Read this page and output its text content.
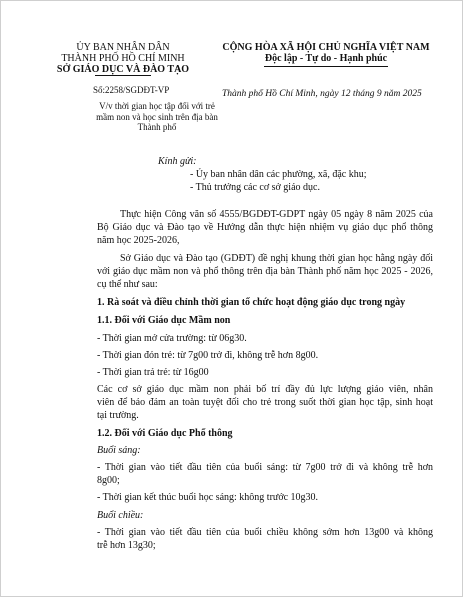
ỦY BAN NHÂN DÂN
THÀNH PHỐ HỒ CHÍ MINH
SỞ GIÁO DỤC VÀ ĐÀO TẠO
CỘNG HÒA XÃ HỘI CHỦ NGHĨA VIỆT NAM
Độc lập - Tự do - Hạnh phúc
Số:2258/SGDĐT-VP
V/v thời gian học tập đối với trẻ
mầm non và học sinh trên địa bàn
Thành phố
Thành phố Hồ Chí Minh, ngày 12 tháng 9 năm 2025
Kính gửi:
- Ủy ban nhân dân các phường, xã, đặc khu;
- Thủ trưởng các cơ sở giáo dục.
Thực hiện Công văn số 4555/BGDĐT-GDPT ngày 05 ngày 8 năm 2025 của
Bộ Giáo dục và Đào tạo về Hướng dẫn thực hiện nhiệm vụ giáo dục phổ thông
năm học 2025-2026,
Sở Giáo dục và Đào tạo (GDĐT) đề nghị khung thời gian học hằng ngày đối
với giáo dục mầm non và phổ thông trên địa bàn Thành phố năm học 2025 - 2026,
cụ thể như sau:
1. Rà soát và điều chỉnh thời gian tổ chức hoạt động giáo dục trong ngày
1.1. Đối với Giáo dục Mầm non
- Thời gian mở cửa trường: từ 06g30.
- Thời gian đón trẻ: từ 7g00 trở đi, không trễ hơn 8g00.
- Thời gian trả trẻ: từ 16g00
Các cơ sở giáo dục mầm non phải bố trí đầy đủ lực lượng giáo viên, nhân
viên để bảo đảm an toàn tuyệt đối cho trẻ trong suốt thời gian học tập, sinh hoạt
tại trường.
1.2. Đối với Giáo dục Phổ thông
Buổi sáng:
- Thời gian vào tiết đầu tiên của buổi sáng: từ 7g00 trở đi và không trễ hơn
8g00;
- Thời gian kết thúc buổi học sáng: không trước 10g30.
Buổi chiều:
- Thời gian vào tiết đầu tiên của buổi chiều không sớm hơn 13g00 và không
trễ hơn 13g30;
